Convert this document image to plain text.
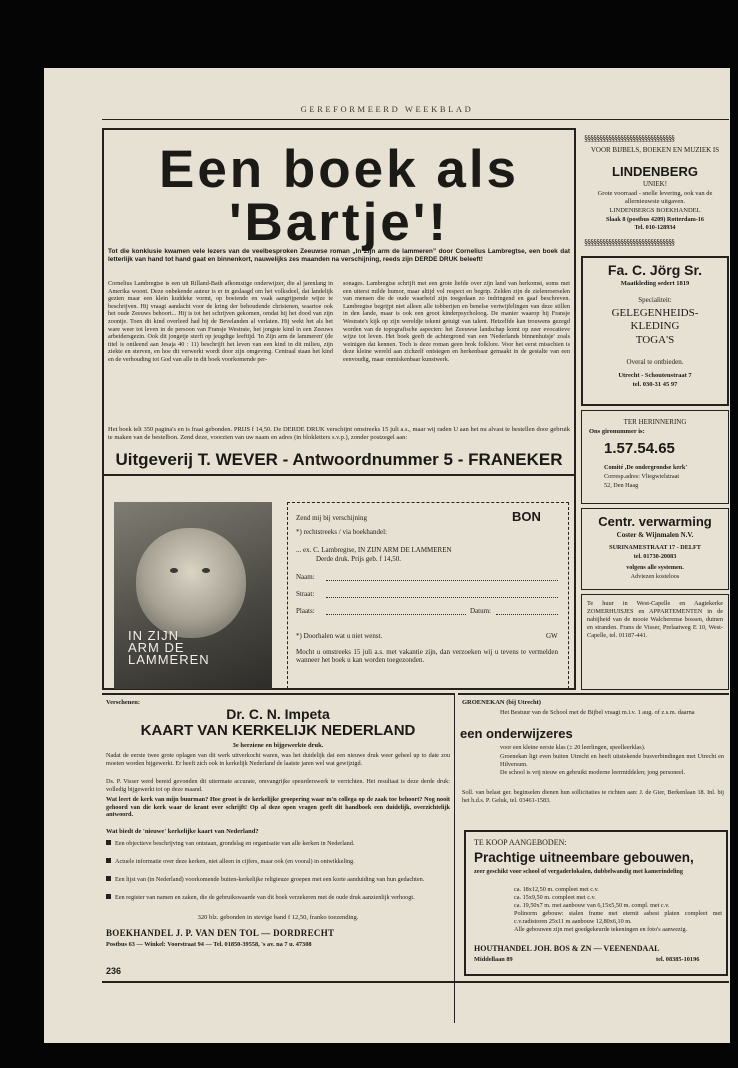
GEREFORMEERD WEEKBLAD
Een boek als 'Bartje'!
Tot die konklusie kwamen vele lezers van de veelbesproken Zeeuwse roman „In Zijn arm de lammeren” door Cornelius Lambregtse, een boek dat letterlijk van hand tot hand gaat en binnenkort, nauwelijks zes maanden na verschijning, reeds zijn DERDE DRUK beleeft!
Cornelius Lambregtse is een uit Rilland-Bath afkomstige onderwijzer, die al jarenlang in Amerika woont. Deze onbekende auteur is er in geslaagd om het volksdeel, dat landelijk gezien maar een klein kuddeke vormt, op boeiende en vaak aangrijpende wijze te beschrijven. Hij vraagt aandacht voor de kring der behoudende christenen, waartoe ook het oude Zeeuws behoort... Hij is tot het schrijven gekomen, omdat hij het dood van zijn zoontje. Toen dit kind overleed had hij de Bevelanden al verlaten. Hij wekt het als het ware weer tot leven in de persoon van Fransje Westrate, het jongste kind in een Zeeuws arbeidersgezin. Ook dit jongetje sterft op jeugdige leeftijd. 'In Zijn arm de lammeren' (de titel is ontleend aan Jesaja 40 : 11) beschrijft het leven van een kind in dit milieu, zijn ziekte en sterven, en hoe dit verwerkt wordt door zijn omgeving. Centraal staan het kind en de verhouding tot God van alle in dit boek voorkomende per-
sonages. Lambregtse schrijft met een grote liefde over zijn land van herkomst, soms met een uiterst milde humor, maar altijd vol respect en begrip. Zelden zijn de zielenroerselen van mensen die de oude waarheid zijn toegedaan zo indringend en gaaf beschreven. Lambregtse begrijpt niet alleen alle tobberijen en benelse vertwijfelingen van deze stillen in den lande, maar is ook een groot kinderpsycholoog. De manier waarop hij Fransje Westrate's kijk op zijn wereldje tekent getuigt van talent. Hetzelfde kan trouwens gezegd worden van de topografische aspecten: het Zeeuwse landschap komt op zeer evocatieve wijze tot leven. Het boek geeft de achtergrond van een 'Nederlands binnenhuisje' zoals weinigen dat kennen. Toch is deze roman geen brok folklore. Voor het eerst misschien is deze kleine wereld aan zichzelf ontstegen en herkenbaar gemaakt in de gestalte van een eenvoudig, maar onmiskenbaar kunstwerk.
Het boek telt 350 pagina's en is fraai gebonden. PRIJS f 14,50. De DERDE DRUK verschijnt omstreeks 15 juli a.s., maar wij raden U aan het nu alvast te bestellen door gebruik te maken van de bestelbon. Zend deze, voorzien van uw naam en adres (in blokletters s.v.p.), zonder postzegel aan:
Uitgeverij T. WEVER - Antwoordnummer 5 - FRANEKER
IN ZIJN ARM DE LAMMEREN
Zend mij bij verschijning	BON
*) rechtstreeks / via boekhandel:
... ex. C. Lambregtse, IN ZIJN ARM DE LAMMEREN
Derde druk. Prijs geb. f 14,50.
Naam:
Straat:
Plaats:	Datum:
*) Doorhalen wat u niet wenst.	GW
Mocht u omstreeks 15 juli a.s. met vakantie zijn, dan verzoeken wij u tevens te vermelden wanneer het boek u kan worden toegezonden.
§§§§§§§§§§§§§§§§§§§§§§§§§§§§§§
VOOR BIJBELS, BOEKEN EN MUZIEK IS
LINDENBERG
UNIEK!
Grote voorraad - snelle levering, ook van de allernieuwste uitgaven.
LINDENBERGS BOEKHANDEL
Slaak 8 (postbus 4209) Rotterdam-16
Tel. 010-128934
§§§§§§§§§§§§§§§§§§§§§§§§§§§§§§
Fa. C. Jörg Sr.
Maatkleding sedert 1819
Specialiteit:
GELEGENHEIDS-
KLEDING
TOGA'S
Overal te ontbieden.
Utrecht - Schoutenstraat 7
tel. 030-31 45 97
TER HERINNERING
Ons gironummer is:
1.57.54.65
Comité ,De ondergrondse kerk'
Corresp.adres: Vliegwielstraat
52, Den Haag
Centr. verwarming
Coster & Wijnmalen N.V.
SURINAMESTRAAT 17 - DELFT
tel. 01730-20083
volgens alle systemen.
Adviezen kosteloos
Te huur in West-Capelle en Aagtekerke ZOMERHUISJES en APPARTEMENTEN in de nabijheid van de mooie Walcherense bossen, duinen en stranden. Frans de Visser, Prelaatweg E 10, West-Capelle, tel. 01187-441.
Verschenen:
Dr. C. N. Impeta
KAART VAN KERKELIJK NEDERLAND
3e herziene en bijgewerkte druk.
Nadat de eerste twee grote oplagen van dit werk uitverkocht waren, was het duidelijk dat een nieuwe druk weer geheel up to date zou moeten worden bijgewerkt. Er heeft zich ook in kerkelijk Nederland de laatste jaren wel wat gewijzigd.
Ds. P. Visser werd bereid gevonden dit uitermate accurate, omvangrijke speurderswerk te verrichten. Het resultaat is deze derde druk: volledig bijgewerkt tot op deze maand.
Wat leert de kerk van mijn buurman? Hoe groot is de kerkelijke groepering waar m'n collega op de zaak toe behoort? Nog nooit gehoord van die kerk waar de krant over schrijft! Op al deze open vragen geeft dit handboek een duidelijk, overzichtelijk antwoord.
Wat biedt de 'nieuwe' kerkelijke kaart van Nederland?
Een objectieve beschrijving van ontstaan, grondslag en organisatie van alle kerken in Nederland.
Actuele informatie over deze kerken, niet alleen in cijfers, maar ook (en vooral) in ontwikkeling.
Een lijst van (in Nederland) voorkomende buiten-kerkelijke religieuze groepen met een korte aanduiding van hun gedachten.
Een register van namen en zaken, die de gebruikswaarde van dit boek verzekeren met de oude druk aanzienlijk verhoogt.
320 blz. gebonden in stevige band f 12,50, franko toezending.
BOEKHANDEL J. P. VAN DEN TOL — DORDRECHT
Postbus 63 — Winkel: Voorstraat 94 — Tel. 01850-39558, 's av. na 7 u. 47308
236
GROENEKAN (bij Utrecht)
Het Bestuur van de School met de Bijbel vraagt m.i.v. 1 aug. of z.s.m. daarna
een onderwijzeres
voor een kleine eerste klas (± 20 leerlingen, speelleerklas).
Groenekan ligt even buiten Utrecht en heeft uitstekende busverbindingen met Utrecht en Hilversum.
De school is vrij nieuw en gebruikt moderne leermiddelen; jong personeel.
Soll. van belast ger. beginselen dienen hun sollicitaties te richten aan: J. de Gier, Berkenlaan 18. Inl. bij het h.d.s. P. Geluk, tel. 03461-1583.
TE KOOP AANGEBODEN:
Prachtige uitneembare gebouwen,
zeer geschikt voor school of vergaderlokalen, dubbelwandig met kamerindeling
ca. 18x12,50 m. compleet met c.v.
ca. 15x9,50 m. compleet met c.v.
ca. 19,50x7 m. met aanbouw van 6,15x5,50 m. compl. met c.v.
Polinorm gebouw: stalen frame met eternit asbest platen compleet met c.v.radistoren 25x11 m aanbouw 12,80x6,10 m.
Alle gebouwen zijn met goedgekeurde tekeningen en foto's aanwezig.
HOUTHANDEL JOH. BOS & ZN — VEENENDAAL
Middellaan 89	tel. 08385-10196
